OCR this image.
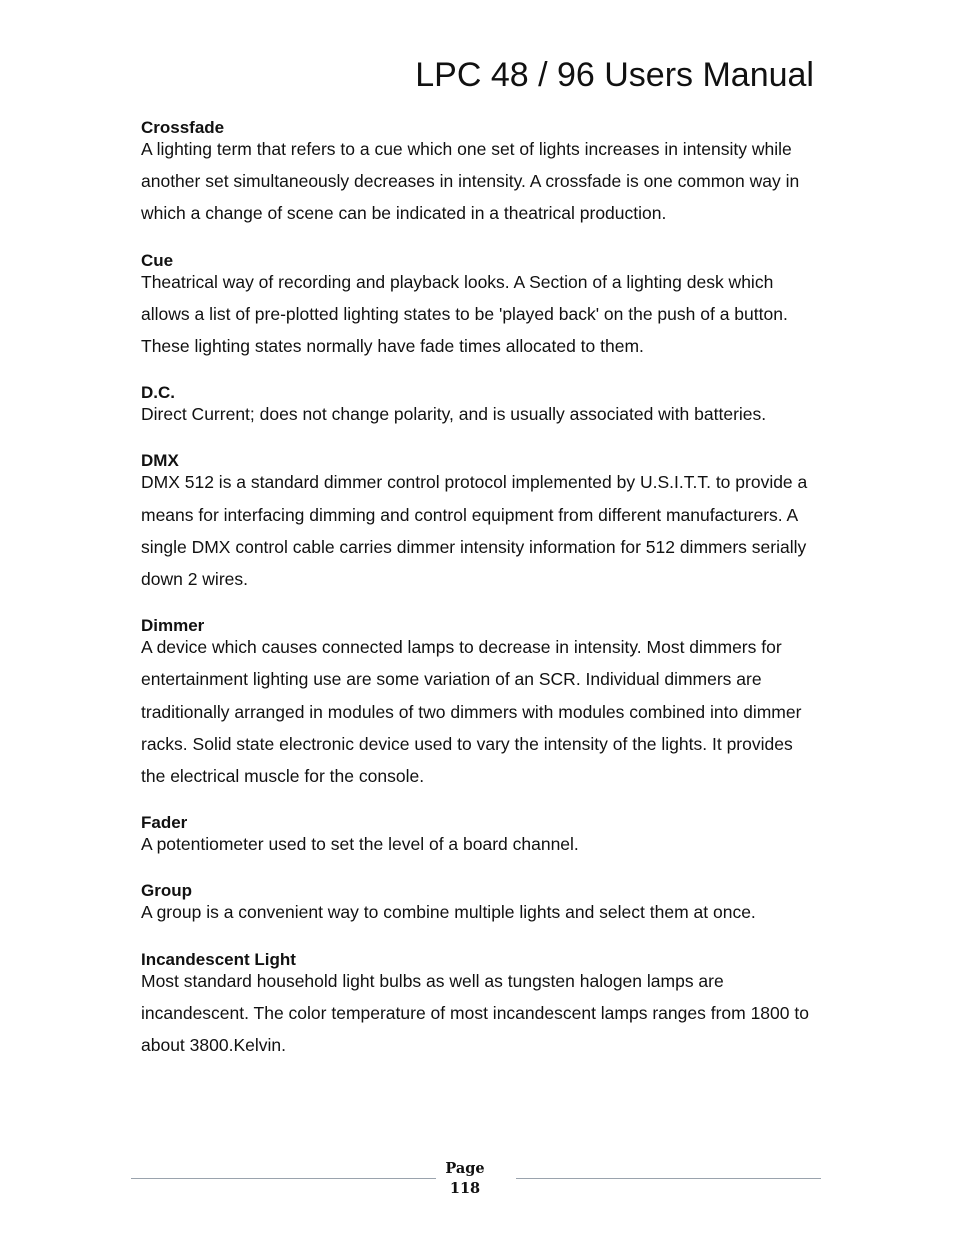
LPC 48 / 96 Users Manual

Crossfade

A lighting term that refers to a cue which one set of lights increases in intensity while another set simultaneously decreases in intensity. A crossfade is one common way in which a change of scene can be indicated in a theatrical production.

Cue

Theatrical way of recording and playback looks. A Section of a lighting desk which allows a list of pre-plotted lighting states to be 'played back' on the push of a button. These lighting states normally have fade times allocated to them.

D.C.

Direct Current; does not change polarity, and is usually associated with batteries.

DMX

DMX 512 is a standard dimmer control protocol implemented by U.S.I.T.T. to provide a means for interfacing dimming and control equipment from different manufacturers. A single DMX control cable carries dimmer intensity information for 512 dimmers serially down 2 wires.

Dimmer

A device which causes connected lamps to decrease in intensity. Most dimmers for entertainment lighting use are some variation of an SCR. Individual dimmers are traditionally arranged in modules of two dimmers with modules combined into dimmer racks. Solid state electronic device used to vary the intensity of the lights. It provides the electrical muscle for the console.

Fader

A potentiometer used to set the level of a board channel.

Group

A group is a convenient way to combine multiple lights and select them at once.

Incandescent Light

Most standard household light bulbs as well as tungsten halogen lamps are incandescent. The color temperature of most incandescent lamps ranges from 1800 to about 3800.Kelvin.

Page
118
